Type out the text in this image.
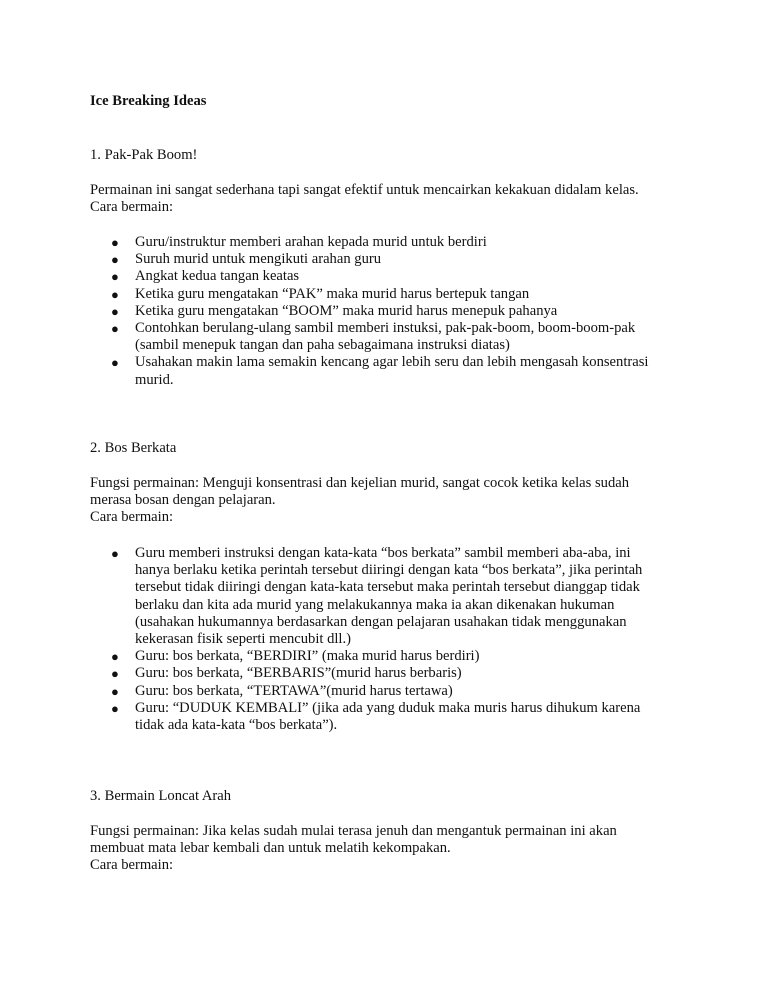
Ice Breaking Ideas
1. Pak-Pak Boom!
Permainan ini sangat sederhana tapi sangat efektif untuk mencairkan kekakuan didalam kelas.
Cara bermain:
● Guru/instruktur memberi arahan kepada murid untuk berdiri
● Suruh murid untuk mengikuti arahan guru
● Angkat kedua tangan keatas
● Ketika guru mengatakan “PAK” maka murid harus bertepuk tangan
● Ketika guru mengatakan “BOOM” maka murid harus menepuk pahanya
● Contohkan berulang-ulang sambil memberi instuksi, pak-pak-boom, boom-boom-pak
(sambil menepuk tangan dan paha sebagaimana instruksi diatas)
● Usahakan makin lama semakin kencang agar lebih seru dan lebih mengasah konsentrasi
murid.
2. Bos Berkata
Fungsi permainan: Menguji konsentrasi dan kejelian murid, sangat cocok ketika kelas sudah
merasa bosan dengan pelajaran.
Cara bermain:
● Guru memberi instruksi dengan kata-kata “bos berkata” sambil memberi aba-aba, ini
hanya berlaku ketika perintah tersebut diiringi dengan kata “bos berkata”, jika perintah
tersebut tidak diiringi dengan kata-kata tersebut maka perintah tersebut dianggap tidak
berlaku dan kita ada murid yang melakukannya maka ia akan dikenakan hukuman
(usahakan hukumannya berdasarkan dengan pelajaran usahakan tidak menggunakan
kekerasan fisik seperti mencubit dll.)
● Guru: bos berkata, “BERDIRI” (maka murid harus berdiri)
● Guru: bos berkata, “BERBARIS”(murid harus berbaris)
● Guru: bos berkata, “TERTAWA”(murid harus tertawa)
● Guru: “DUDUK KEMBALI” (jika ada yang duduk maka muris harus dihukum karena
tidak ada kata-kata “bos berkata”).
3. Bermain Loncat Arah
Fungsi permainan: Jika kelas sudah mulai terasa jenuh dan mengantuk permainan ini akan
membuat mata lebar kembali dan untuk melatih kekompakan.
Cara bermain:
